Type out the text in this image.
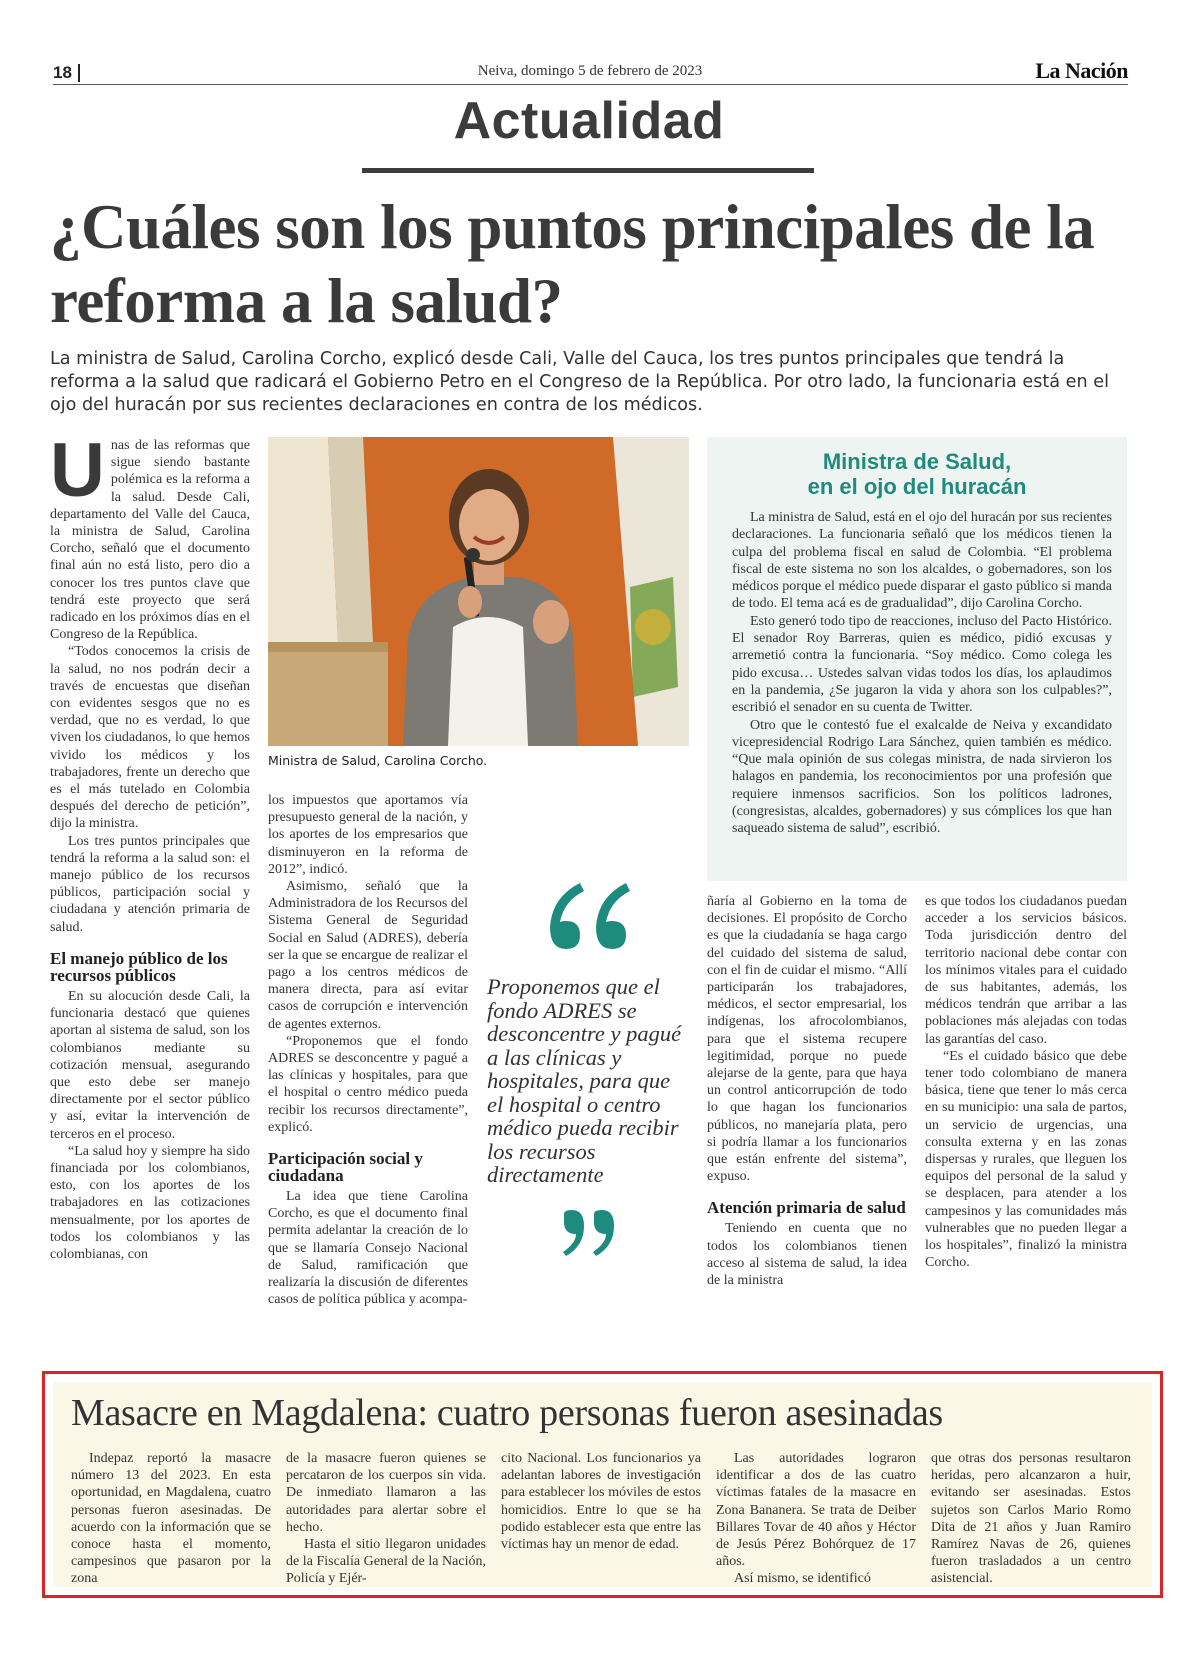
18	Neiva, domingo 5 de febrero de 2023	La Nación
Actualidad
¿Cuáles son los puntos principales de la reforma a la salud?

La ministra de Salud, Carolina Corcho, explicó desde Cali, Valle del Cauca, los tres puntos principales que tendrá la reforma a la salud que radicará el Gobierno Petro en el Congreso de la República. Por otro lado, la funcionaria está en el ojo del huracán por sus recientes declaraciones en contra de los médicos.

Unas de las reformas que sigue siendo bastante polémica es la reforma a la salud. Desde Cali, departamento del Valle del Cauca, la ministra de Salud, Carolina Corcho, señaló que el documento final aún no está listo, pero dio a conocer los tres puntos clave que tendrá este proyecto que será radicado en los próximos días en el Congreso de la República.

“Todos conocemos la crisis de la salud, no nos podrán decir a través de encuestas que diseñan con evidentes sesgos que no es verdad, que no es verdad, lo que viven los ciudadanos, lo que hemos vivido los médicos y los trabajadores, frente un derecho que es el más tutelado en Colombia después del derecho de petición”, dijo la ministra.

Los tres puntos principales que tendrá la reforma a la salud son: el manejo público de los recursos públicos, participación social y ciudadana y atención primaria de salud.

El manejo público de los recursos públicos

En su alocución desde Cali, la funcionaria destacó que quienes aportan al sistema de salud, son los colombianos mediante su cotización mensual, asegurando que esto debe ser manejo directamente por el sector público y así, evitar la intervención de terceros en el proceso.

“La salud hoy y siempre ha sido financiada por los colombianos, esto, con los aportes de los trabajadores en las cotizaciones mensualmente, por los aportes de todos los colombianos y las colombianas, con

Ministra de Salud, Carolina Corcho.

los impuestos que aportamos vía presupuesto general de la nación, y los aportes de los empresarios que disminuyeron en la reforma de 2012”, indicó.

Asimismo, señaló que la Administradora de los Recursos del Sistema General de Seguridad Social en Salud (ADRES), debería ser la que se encargue de realizar el pago a los centros médicos de manera directa, para así evitar casos de corrupción e intervención de agentes externos.

“Proponemos que el fondo ADRES se desconcentre y pagué a las clínicas y hospitales, para que el hospital o centro médico pueda recibir los recursos directamente”, explicó.

Participación social y ciudadana

La idea que tiene Carolina Corcho, es que el documento final permita adelantar la creación de lo que se llamaría Consejo Nacional de Salud, ramificación que realizaría la discusión de diferentes casos de política pública y acompa-

Proponemos que el fondo ADRES se desconcentre y pagué a las clínicas y hospitales, para que el hospital o centro médico pueda recibir los recursos directamente
Ministra de Salud,
en el ojo del huracán

La ministra de Salud, está en el ojo del huracán por sus recientes declaraciones. La funcionaria señaló que los médicos tienen la culpa del problema fiscal en salud de Colombia. “El problema fiscal de este sistema no son los alcaldes, o gobernadores, son los médicos porque el médico puede disparar el gasto público si manda de todo. El tema acá es de gradualidad”, dijo Carolina Corcho.

Esto generó todo tipo de reacciones, incluso del Pacto Histórico. El senador Roy Barreras, quien es médico, pidió excusas y arremetió contra la funcionaria. “Soy médico. Como colega les pido excusa… Ustedes salvan vidas todos los días, los aplaudimos en la pandemia, ¿Se jugaron la vida y ahora son los culpables?”, escribió el senador en su cuenta de Twitter.

Otro que le contestó fue el exalcalde de Neiva y excandidato vicepresidencial Rodrigo Lara Sánchez, quien también es médico. “Que mala opinión de sus colegas ministra, de nada sirvieron los halagos en pandemia, los reconocimientos por una profesión que requiere inmensos sacrificios. Son los políticos ladrones, (congresistas, alcaldes, gobernadores) y sus cómplices los que han saqueado sistema de salud”, escribió.

ñaría al Gobierno en la toma de decisiones. El propósito de Corcho es que la ciudadanía se haga cargo del cuidado del sistema de salud, con el fin de cuidar el mismo. “Allí participarán los trabajadores, médicos, el sector empresarial, los indígenas, los afrocolombianos, para que el sistema recupere legitimidad, porque no puede alejarse de la gente, para que haya un control anticorrupción de todo lo que hagan los funcionarios públicos, no manejaría plata, pero si podría llamar a los funcionarios que están enfrente del sistema”, expuso.

Atención primaria de salud

Teniendo en cuenta que no todos los colombianos tienen acceso al sistema de salud, la idea de la ministra

es que todos los ciudadanos puedan acceder a los servicios básicos. Toda jurisdicción dentro del territorio nacional debe contar con los mínimos vitales para el cuidado de sus habitantes, además, los médicos tendrán que arribar a las poblaciones más alejadas con todas las garantías del caso.

“Es el cuidado básico que debe tener todo colombiano de manera básica, tiene que tener lo más cerca en su municipio: una sala de partos, un servicio de urgencias, una consulta externa y en las zonas dispersas y rurales, que lleguen los equipos del personal de la salud y se desplacen, para atender a los campesinos y las comunidades más vulnerables que no pueden llegar a los hospitales”, finalizó la ministra Corcho.

Masacre en Magdalena: cuatro personas fueron asesinadas

Indepaz reportó la masacre número 13 del 2023. En esta oportunidad, en Magdalena, cuatro personas fueron asesinadas. De acuerdo con la información que se conoce hasta el momento, campesinos que pasaron por la zona

de la masacre fueron quienes se percataron de los cuerpos sin vida. De inmediato llamaron a las autoridades para alertar sobre el hecho.

Hasta el sitio llegaron unidades de la Fiscalía General de la Nación, Policía y Ejér-

cito Nacional. Los funcionarios ya adelantan labores de investigación para establecer los móviles de estos homicidios. Entre lo que se ha podido establecer esta que entre las víctimas hay un menor de edad.

Las autoridades lograron identificar a dos de las cuatro víctimas fatales de la masacre en Zona Bananera. Se trata de Deiber Billares Tovar de 40 años y Héctor de Jesús Pérez Bohórquez de 17 años.

Así mismo, se identificó

que otras dos personas resultaron heridas, pero alcanzaron a huir, evitando ser asesinadas. Estos sujetos son Carlos Mario Romo Dita de 21 años y Juan Ramiro Ramírez Navas de 26, quienes fueron trasladados a un centro asistencial.
